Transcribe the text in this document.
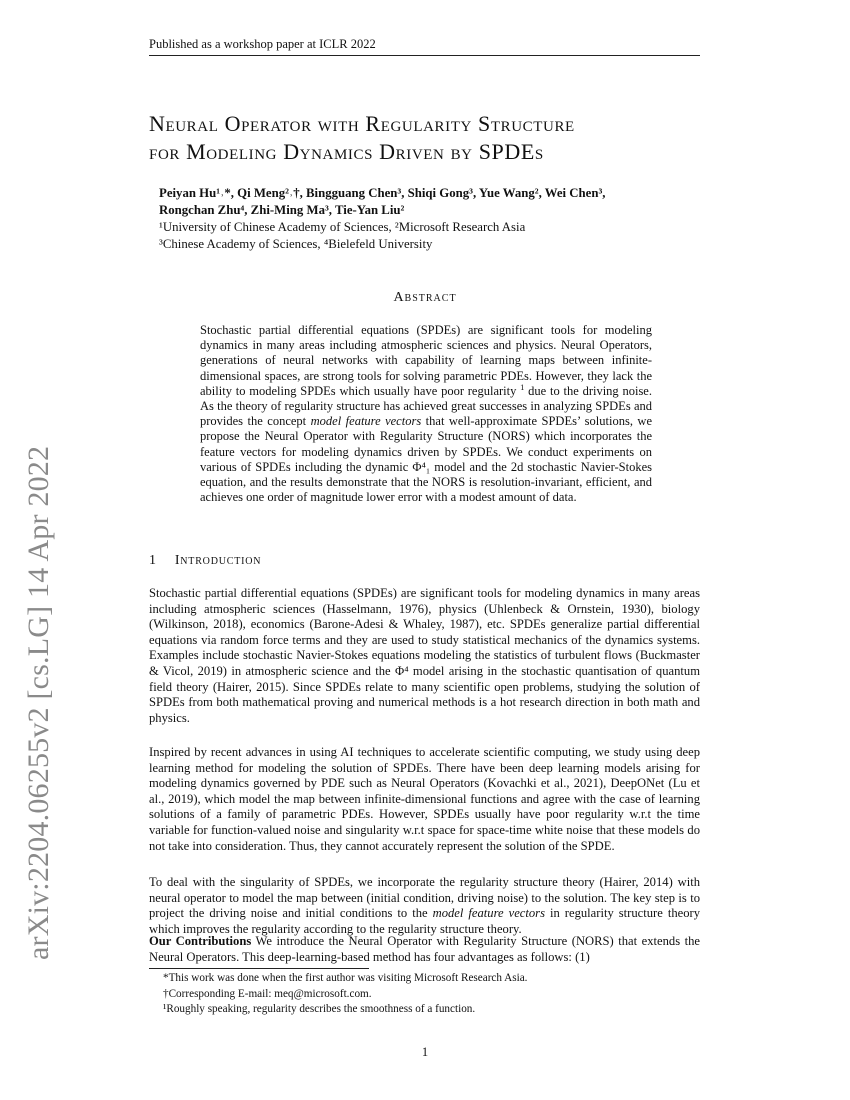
Published as a workshop paper at ICLR 2022
arXiv:2204.06255v2 [cs.LG] 14 Apr 2022
Neural Operator with Regularity Structure
for Modeling Dynamics Driven by SPDEs
Peiyan Hu¹˒*, Qi Meng²˒†, Bingguang Chen³, Shiqi Gong³, Yue Wang², Wei Chen³,
Rongchan Zhu⁴, Zhi-Ming Ma³, Tie-Yan Liu²
¹University of Chinese Academy of Sciences, ²Microsoft Research Asia
³Chinese Academy of Sciences, ⁴Bielefeld University
Abstract
Stochastic partial differential equations (SPDEs) are significant tools for modeling dynamics in many areas including atmospheric sciences and physics. Neural Operators, generations of neural networks with capability of learning maps between infinite-dimensional spaces, are strong tools for solving parametric PDEs. However, they lack the ability to modeling SPDEs which usually have poor regularity $^1$ due to the driving noise. As the theory of regularity structure has achieved great successes in analyzing SPDEs and provides the concept model feature vectors that well-approximate SPDEs’ solutions, we propose the Neural Operator with Regularity Structure (NORS) which incorporates the feature vectors for modeling dynamics driven by SPDEs. We conduct experiments on various of SPDEs including the dynamic Φ⁴₁ model and the 2d stochastic Navier-Stokes equation, and the results demonstrate that the NORS is resolution-invariant, efficient, and achieves one order of magnitude lower error with a modest amount of data.
1 Introduction
Stochastic partial differential equations (SPDEs) are significant tools for modeling dynamics in many areas including atmospheric sciences (Hasselmann, 1976), physics (Uhlenbeck & Ornstein, 1930), biology (Wilkinson, 2018), economics (Barone-Adesi & Whaley, 1987), etc. SPDEs generalize partial differential equations via random force terms and they are used to study statistical mechanics of the dynamics systems. Examples include stochastic Navier-Stokes equations modeling the statistics of turbulent flows (Buckmaster & Vicol, 2019) in atmospheric science and the Φ⁴ model arising in the stochastic quantisation of quantum field theory (Hairer, 2015). Since SPDEs relate to many scientific open problems, studying the solution of SPDEs from both mathematical proving and numerical methods is a hot research direction in both math and physics.
Inspired by recent advances in using AI techniques to accelerate scientific computing, we study using deep learning method for modeling the solution of SPDEs. There have been deep learning models arising for modeling dynamics governed by PDE such as Neural Operators (Kovachki et al., 2021), DeepONet (Lu et al., 2019), which model the map between infinite-dimensional functions and agree with the case of learning solutions of a family of parametric PDEs. However, SPDEs usually have poor regularity w.r.t the time variable for function-valued noise and singularity w.r.t space for space-time white noise that these models do not take into consideration. Thus, they cannot accurately represent the solution of the SPDE.
To deal with the singularity of SPDEs, we incorporate the regularity structure theory (Hairer, 2014) with neural operator to model the map between (initial condition, driving noise) to the solution. The key step is to project the driving noise and initial conditions to the model feature vectors in regularity structure theory which improves the regularity according to the regularity structure theory.
Our Contributions We introduce the Neural Operator with Regularity Structure (NORS) that extends the Neural Operators. This deep-learning-based method has four advantages as follows: (1)
*This work was done when the first author was visiting Microsoft Research Asia.
†Corresponding E-mail: meq@microsoft.com.
¹Roughly speaking, regularity describes the smoothness of a function.
1
